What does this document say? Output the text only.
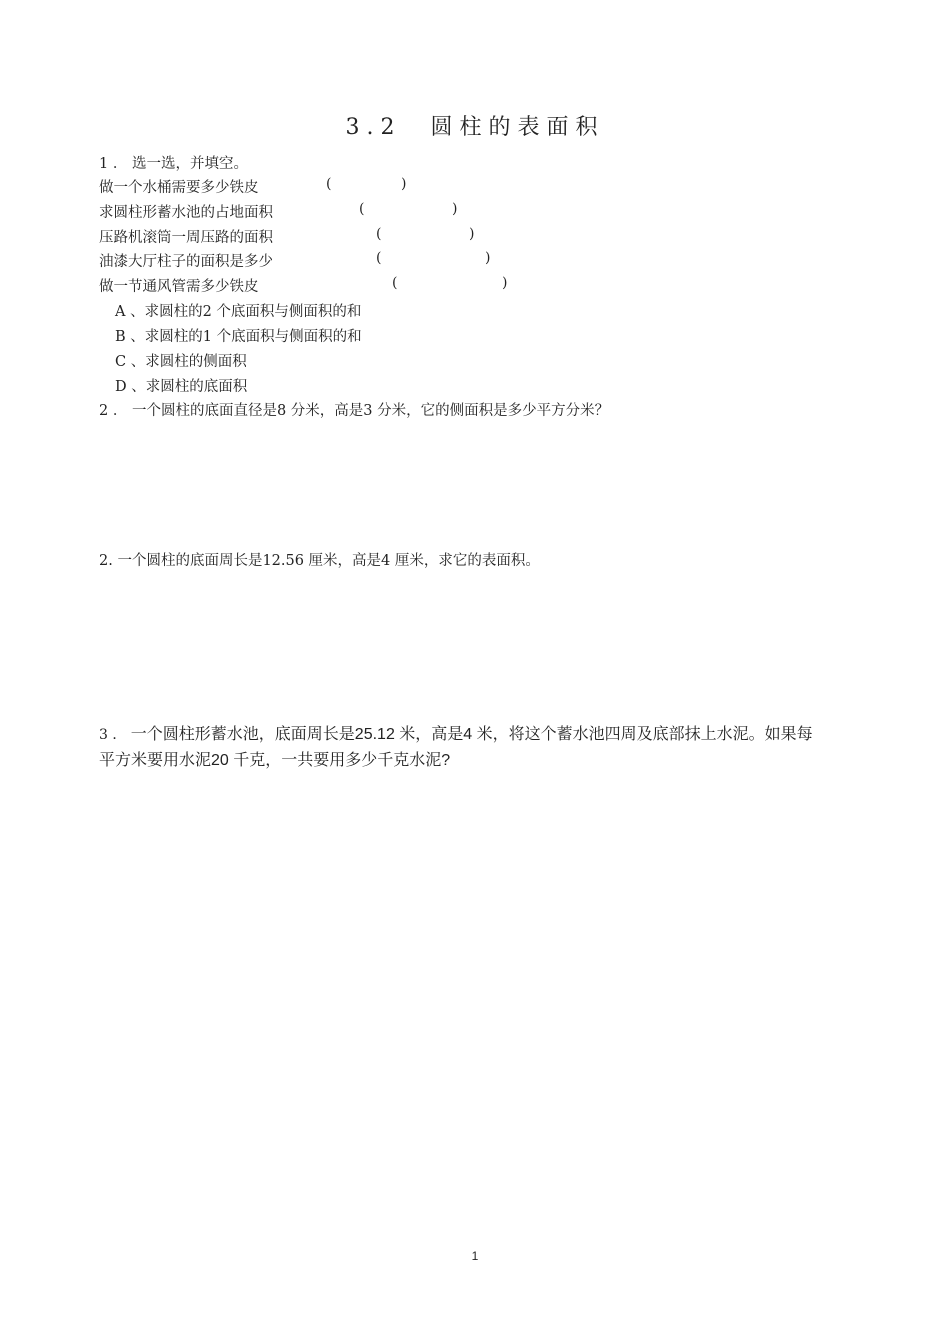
3.2　圆柱的表面积
1 ． 选一选，并填空。
做一个水桶需要多少铁皮	(	)
求圆柱形蓄水池的占地面积	(	)
压路机滚筒一周压路的面积	(	)
油漆大厅柱子的面积是多少	(	)
做一节通风管需多少铁皮	(	)
A 、求圆柱的2 个底面积与侧面积的和
B 、求圆柱的1 个底面积与侧面积的和
C 、求圆柱的侧面积
D 、求圆柱的底面积
2 ． 一个圆柱的底面直径是8 分米，高是3 分米，它的侧面积是多少平方分米？
2. 一个圆柱的底面周长是12.56 厘米，高是4 厘米，求它的表面积。
3 ． 一个圆柱形蓄水池，底面周长是25.12 米，高是4 米，将这个蓄水池四周及底部抹上水泥。如果每
平方米要用水泥20 千克，一共要用多少千克水泥?
1
